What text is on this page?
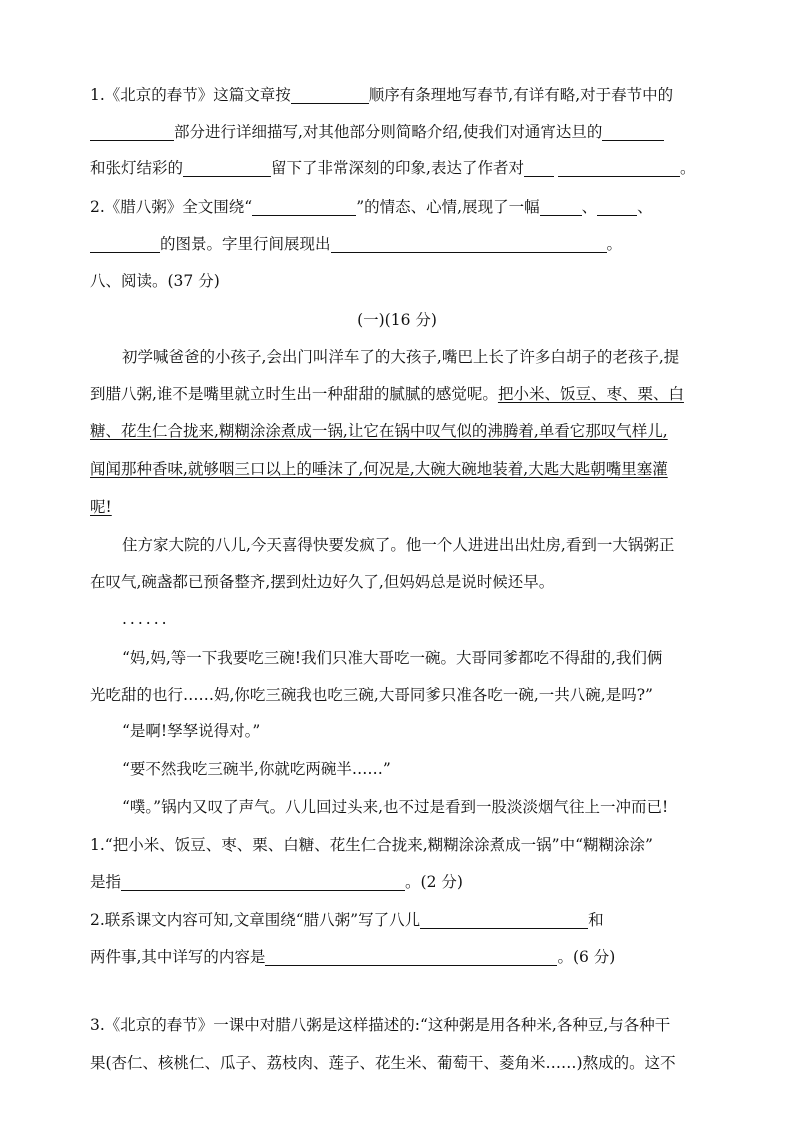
1.《北京的春节》这篇文章按	顺序有条理地写春节,有详有略,对于春节中的
部分进行详细描写,对其他部分则简略介绍,使我们对通宵达旦的
和张灯结彩的	留下了非常深刻的印象,表达了作者对	。
2.《腊八粥》全文围绕“	”的情态、心情,展现了一幅	、	、
的图景。字里行间展现出	。
八、阅读。(37 分)
(一)(16 分)
初学喊爸爸的小孩子,会出门叫洋车了的大孩子,嘴巴上长了许多白胡子的老孩子,提
到腊八粥,谁不是嘴里就立时生出一种甜甜的腻腻的感觉呢。把小米、饭豆、枣、栗、白
糖、花生仁合拢来,糊糊涂涂煮成一锅,让它在锅中叹气似的沸腾着,单看它那叹气样儿,
闻闻那种香味,就够咽三口以上的唾沫了,何况是,大碗大碗地装着,大匙大匙朝嘴里塞灌
呢!
住方家大院的八儿,今天喜得快要发疯了。他一个人进进出出灶房,看到一大锅粥正
在叹气,碗盏都已预备整齐,摆到灶边好久了,但妈妈总是说时候还早。
......
“妈,妈,等一下我要吃三碗!我们只准大哥吃一碗。大哥同爹都吃不得甜的,我们俩
光吃甜的也行……妈,你吃三碗我也吃三碗,大哥同爹只准各吃一碗,一共八碗,是吗?”
“是啊!孥孥说得对。”
“要不然我吃三碗半,你就吃两碗半……”
“噗。”锅内又叹了声气。八儿回过头来,也不过是看到一股淡淡烟气往上一冲而已!
1.“把小米、饭豆、枣、栗、白糖、花生仁合拢来,糊糊涂涂煮成一锅”中“糊糊涂涂”
是指	。(2 分)
2.联系课文内容可知,文章围绕“腊八粥”写了八儿	和
两件事,其中详写的内容是	。(6 分)
3.《北京的春节》一课中对腊八粥是这样描述的:“这种粥是用各种米,各种豆,与各种干
果(杏仁、核桃仁、瓜子、荔枝肉、莲子、花生米、葡萄干、菱角米……)熬成的。这不
